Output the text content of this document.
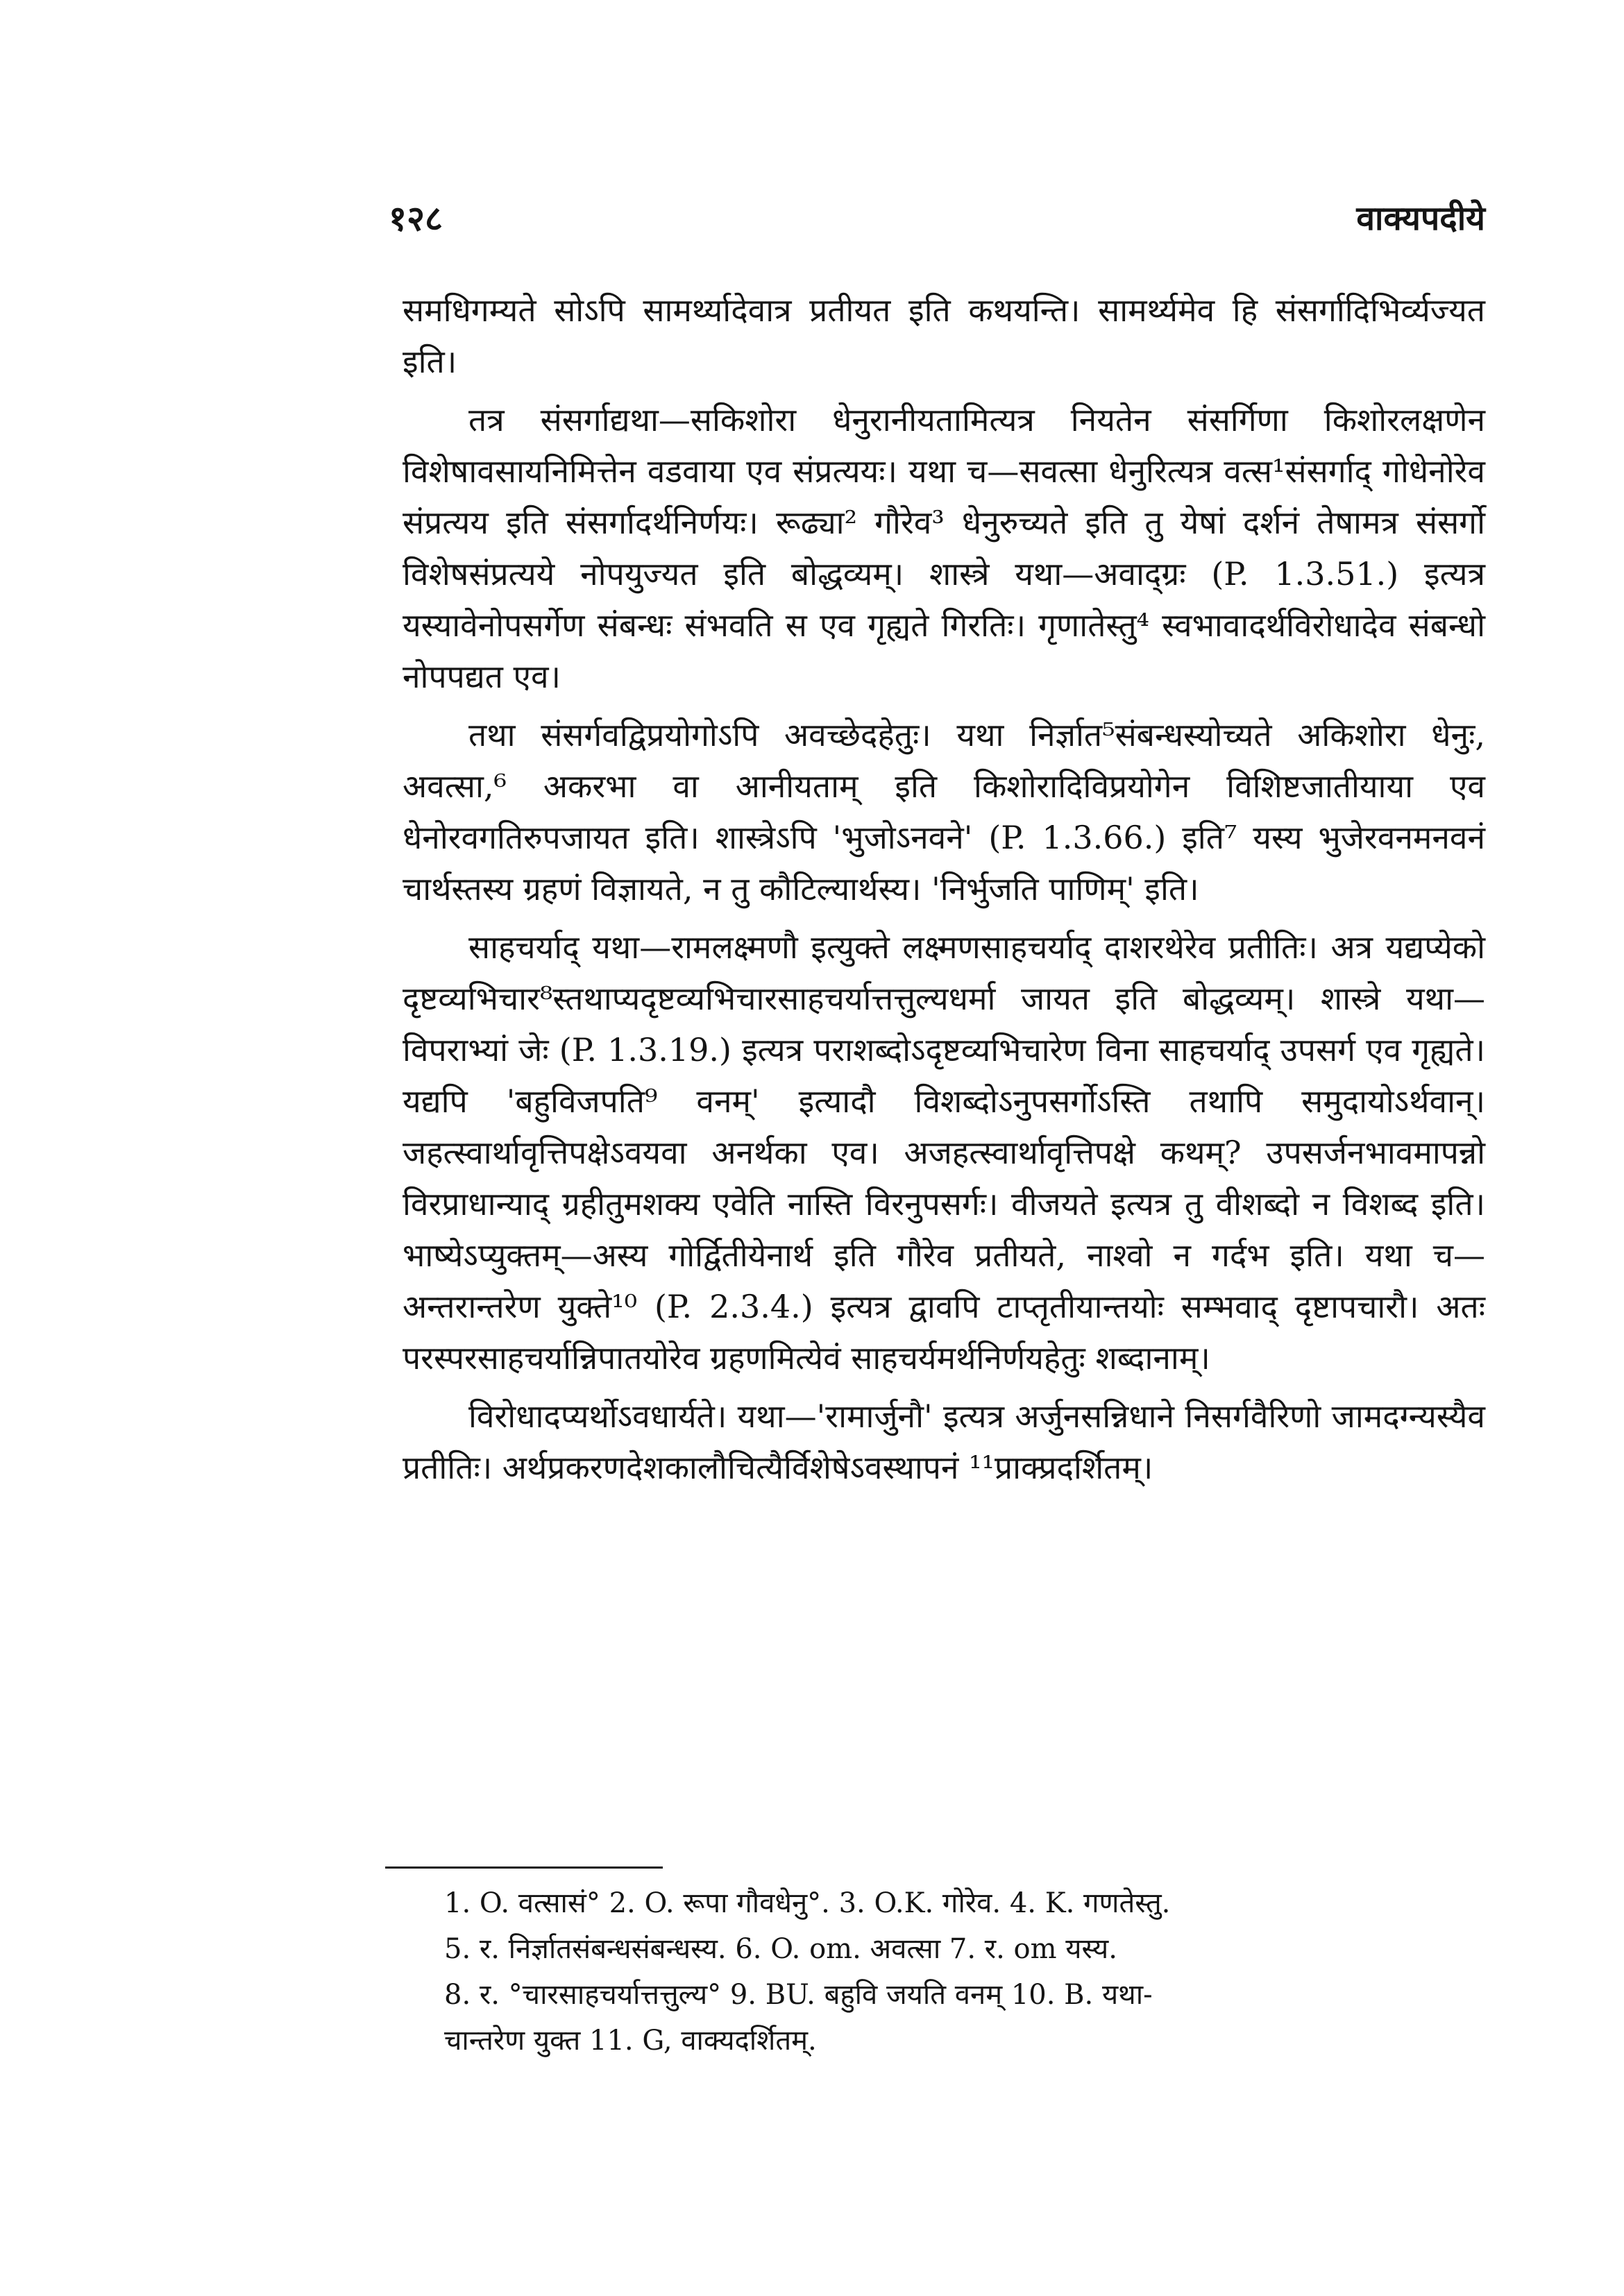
१२८	वाक्यपदीये

समधिगम्यते सोऽपि सामर्थ्यादेवात्र प्रतीयत इति कथयन्ति। सामर्थ्यमेव हि संसर्गादिभिर्व्यज्यत इति।

तत्र संसर्गाद्यथा—सकिशोरा धेनुरानीयतामित्यत्र नियतेन संसर्गिणा किशोरलक्षणेन विशेषावसायनिमित्तेन वडवाया एव संप्रत्ययः। यथा च—सवत्सा धेनुरित्यत्र वत्स¹संसर्गाद् गोधेनोरेव संप्रत्यय इति संसर्गादर्थनिर्णयः। रूढ्या² गौरेव³ धेनुरुच्यते इति तु येषां दर्शनं तेषामत्र संसर्गो विशेषसंप्रत्यये नोपयुज्यत इति बोद्धव्यम्। शास्त्रे यथा—अवाद्ग्रः (P. 1.3.51.) इत्यत्र यस्यावेनोपसर्गेण संबन्धः संभवति स एव गृह्यते गिरतिः। गृणातेस्तु⁴ स्वभावादर्थविरोधादेव संबन्धो नोपपद्यत एव।

तथा संसर्गवद्विप्रयोगोऽपि अवच्छेदहेतुः। यथा निर्ज्ञात⁵संबन्धस्योच्यते अकिशोरा धेनुः, अवत्सा,⁶ अकरभा वा आनीयताम् इति किशोरादिविप्रयोगेन विशिष्टजातीयाया एव धेनोरवगतिरुपजायत इति। शास्त्रेऽपि 'भुजोऽनवने' (P. 1.3.66.) इति⁷ यस्य भुजेरवनमनवनं चार्थस्तस्य ग्रहणं विज्ञायते, न तु कौटिल्यार्थस्य। 'निर्भुजति पाणिम्' इति।

साहचर्याद् यथा—रामलक्ष्मणौ इत्युक्ते लक्ष्मणसाहचर्याद् दाशरथेरेव प्रतीतिः। अत्र यद्यप्येको दृष्टव्यभिचार⁸स्तथाप्यदृष्टव्यभिचारसाहचर्यात्तत्तुल्यधर्मा जायत इति बोद्धव्यम्। शास्त्रे यथा—विपराभ्यां जेः (P. 1.3.19.) इत्यत्र पराशब्दोऽदृष्टव्यभिचारेण विना साहचर्याद् उपसर्ग एव गृह्यते। यद्यपि 'बहुविजपति⁹ वनम्' इत्यादौ विशब्दोऽनुपसर्गोऽस्ति तथापि समुदायोऽर्थवान्। जहत्स्वार्थावृत्तिपक्षेऽवयवा अनर्थका एव। अजहत्स्वार्थावृत्तिपक्षे कथम्? उपसर्जनभावमापन्नो विरप्राधान्याद् ग्रहीतुमशक्य एवेति नास्ति विरनुपसर्गः। वीजयते इत्यत्र तु वीशब्दो न विशब्द इति। भाष्येऽप्युक्तम्—अस्य गोर्द्वितीयेनार्थ इति गौरेव प्रतीयते, नाश्वो न गर्दभ इति। यथा च—अन्तरान्तरेण युक्ते¹⁰ (P. 2.3.4.) इत्यत्र द्वावपि टाप्तृतीयान्तयोः सम्भवाद् दृष्टापचारौ। अतः परस्परसाहचर्यान्निपातयोरेव ग्रहणमित्येवं साहचर्यमर्थनिर्णयहेतुः शब्दानाम्।

विरोधादप्यर्थोऽवधार्यते। यथा—'रामार्जुनौ' इत्यत्र अर्जुनसन्निधाने निसर्गवैरिणो जामदग्न्यस्यैव प्रतीतिः। अर्थप्रकरणदेशकालौचित्यैर्विशेषेऽवस्थापनं ¹¹प्राक्प्रदर्शितम्।

1. O. वत्सासं° 2. O. रूपा गौवधेनु°. 3. O.K. गोरेव. 4. K. गणतेस्तु.
5. र. निर्ज्ञातसंबन्धसंबन्धस्य. 6. O. om. अवत्सा 7. र. om यस्य.
8. र. °चारसाहचर्यात्तत्तुल्य° 9. BU. बहुवि जयति वनम् 10. B. यथा-
चान्तरेण युक्त 11. G, वाक्यदर्शितम्.
